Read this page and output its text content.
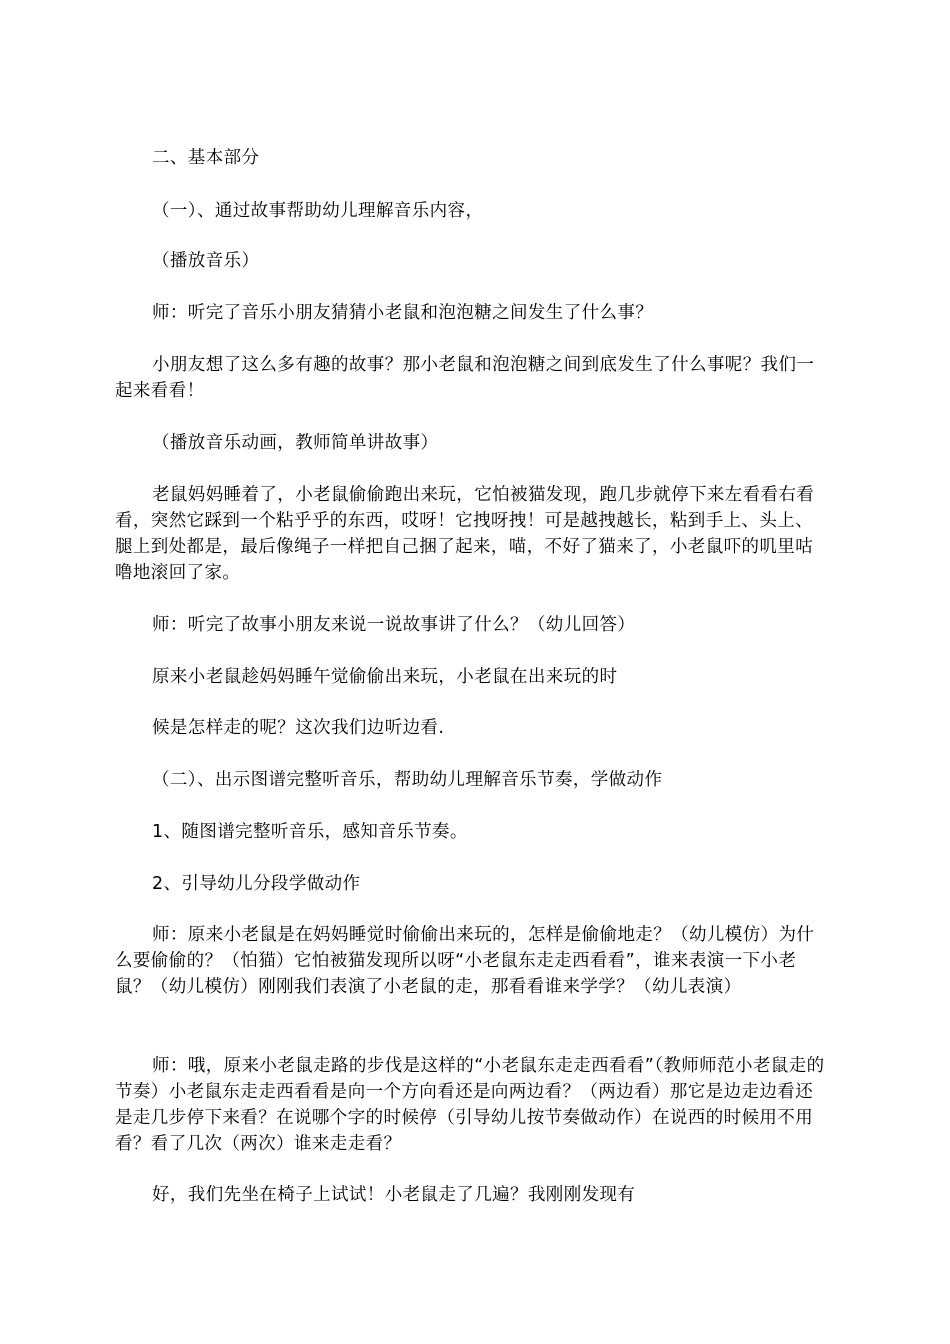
二、基本部分

（一）、通过故事帮助幼儿理解音乐内容，

（播放音乐）

师：听完了音乐小朋友猜猜小老鼠和泡泡糖之间发生了什么事？

小朋友想了这么多有趣的故事？那小老鼠和泡泡糖之间到底发生了什么事呢？我们一起来看看！

（播放音乐动画，教师简单讲故事）

老鼠妈妈睡着了，小老鼠偷偷跑出来玩，它怕被猫发现，跑几步就停下来左看看右看看，突然它踩到一个粘乎乎的东西，哎呀！它拽呀拽！可是越拽越长，粘到手上、头上、腿上到处都是，最后像绳子一样把自己捆了起来，喵，不好了猫来了，小老鼠吓的叽里咕噜地滚回了家。

师：听完了故事小朋友来说一说故事讲了什么？（幼儿回答）

原来小老鼠趁妈妈睡午觉偷偷出来玩，小老鼠在出来玩的时

候是怎样走的呢？这次我们边听边看.

（二）、出示图谱完整听音乐，帮助幼儿理解音乐节奏，学做动作

1、随图谱完整听音乐，感知音乐节奏。

2、引导幼儿分段学做动作

师：原来小老鼠是在妈妈睡觉时偷偷出来玩的，怎样是偷偷地走？（幼儿模仿）为什么要偷偷的？（怕猫）它怕被猫发现所以呀“小老鼠东走走西看看”，谁来表演一下小老鼠？（幼儿模仿）刚刚我们表演了小老鼠的走，那看看谁来学学？（幼儿表演）

师：哦，原来小老鼠走路的步伐是这样的“小老鼠东走走西看看”（教师师范小老鼠走的节奏）小老鼠东走走西看看是向一个方向看还是向两边看？（两边看）那它是边走边看还是走几步停下来看？在说哪个字的时候停（引导幼儿按节奏做动作）在说西的时候用不用看？看了几次（两次）谁来走走看？

好，我们先坐在椅子上试试！小老鼠走了几遍？我刚刚发现有
